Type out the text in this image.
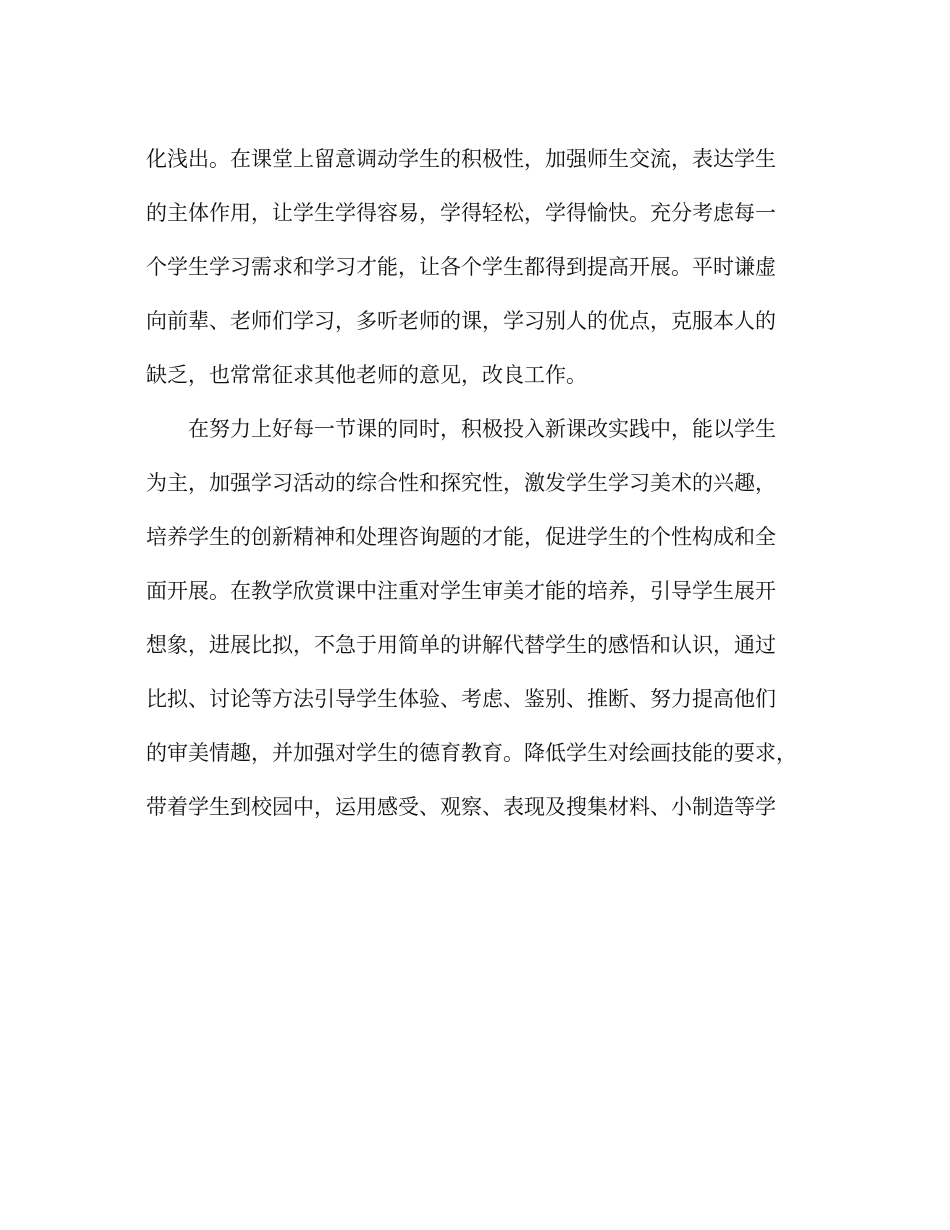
化浅出。在课堂上留意调动学生的积极性，加强师生交流，表达学生
的主体作用，让学生学得容易，学得轻松，学得愉快。充分考虑每一
个学生学习需求和学习才能，让各个学生都得到提高开展。平时谦虚
向前辈、老师们学习，多听老师的课，学习别人的优点，克服本人的
缺乏，也常常征求其他老师的意见，改良工作。
在努力上好每一节课的同时，积极投入新课改实践中，能以学生
为主，加强学习活动的综合性和探究性，激发学生学习美术的兴趣，
培养学生的创新精神和处理咨询题的才能，促进学生的个性构成和全
面开展。在教学欣赏课中注重对学生审美才能的培养，引导学生展开
想象，进展比拟，不急于用简单的讲解代替学生的感悟和认识，通过
比拟、讨论等方法引导学生体验、考虑、鉴别、推断、努力提高他们
的审美情趣，并加强对学生的德育教育。降低学生对绘画技能的要求，
带着学生到校园中，运用感受、观察、表现及搜集材料、小制造等学
